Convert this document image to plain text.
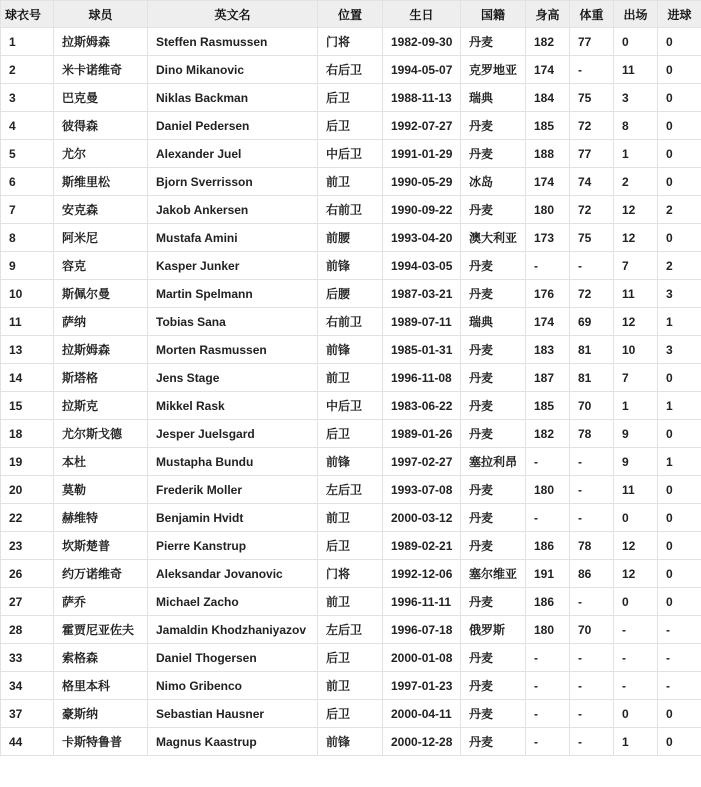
球衣号	球员	英文名	位置	生日	国籍	身高	体重	出场	进球
1	拉斯姆森	Steffen Rasmussen	门将	1982-09-30	丹麦	182	77	0	0
2	米卡诺维奇	Dino Mikanovic	右后卫	1994-05-07	克罗地亚	174	-	11	0
3	巴克曼	Niklas Backman	后卫	1988-11-13	瑞典	184	75	3	0
4	彼得森	Daniel Pedersen	后卫	1992-07-27	丹麦	185	72	8	0
5	尤尔	Alexander Juel	中后卫	1991-01-29	丹麦	188	77	1	0
6	斯维里松	Bjorn Sverrisson	前卫	1990-05-29	冰岛	174	74	2	0
7	安克森	Jakob Ankersen	右前卫	1990-09-22	丹麦	180	72	12	2
8	阿米尼	Mustafa Amini	前腰	1993-04-20	澳大利亚	173	75	12	0
9	容克	Kasper Junker	前锋	1994-03-05	丹麦	-	-	7	2
10	斯佩尔曼	Martin Spelmann	后腰	1987-03-21	丹麦	176	72	11	3
11	萨纳	Tobias Sana	右前卫	1989-07-11	瑞典	174	69	12	1
13	拉斯姆森	Morten Rasmussen	前锋	1985-01-31	丹麦	183	81	10	3
14	斯塔格	Jens Stage	前卫	1996-11-08	丹麦	187	81	7	0
15	拉斯克	Mikkel Rask	中后卫	1983-06-22	丹麦	185	70	1	1
18	尤尔斯戈德	Jesper Juelsgard	后卫	1989-01-26	丹麦	182	78	9	0
19	本杜	Mustapha Bundu	前锋	1997-02-27	塞拉利昂	-	-	9	1
20	莫勒	Frederik Moller	左后卫	1993-07-08	丹麦	180	-	11	0
22	赫维特	Benjamin Hvidt	前卫	2000-03-12	丹麦	-	-	0	0
23	坎斯楚普	Pierre Kanstrup	后卫	1989-02-21	丹麦	186	78	12	0
26	约万诺维奇	Aleksandar Jovanovic	门将	1992-12-06	塞尔维亚	191	86	12	0
27	萨乔	Michael Zacho	前卫	1996-11-11	丹麦	186	-	0	0
28	霍贾尼亚佐夫	Jamaldin Khodzhaniyazov	左后卫	1996-07-18	俄罗斯	180	70	-	-
33	索格森	Daniel Thogersen	后卫	2000-01-08	丹麦	-	-	-	-
34	格里本科	Nimo Gribenco	前卫	1997-01-23	丹麦	-	-	-	-
37	豪斯纳	Sebastian Hausner	后卫	2000-04-11	丹麦	-	-	0	0
44	卡斯特鲁普	Magnus Kaastrup	前锋	2000-12-28	丹麦	-	-	1	0
